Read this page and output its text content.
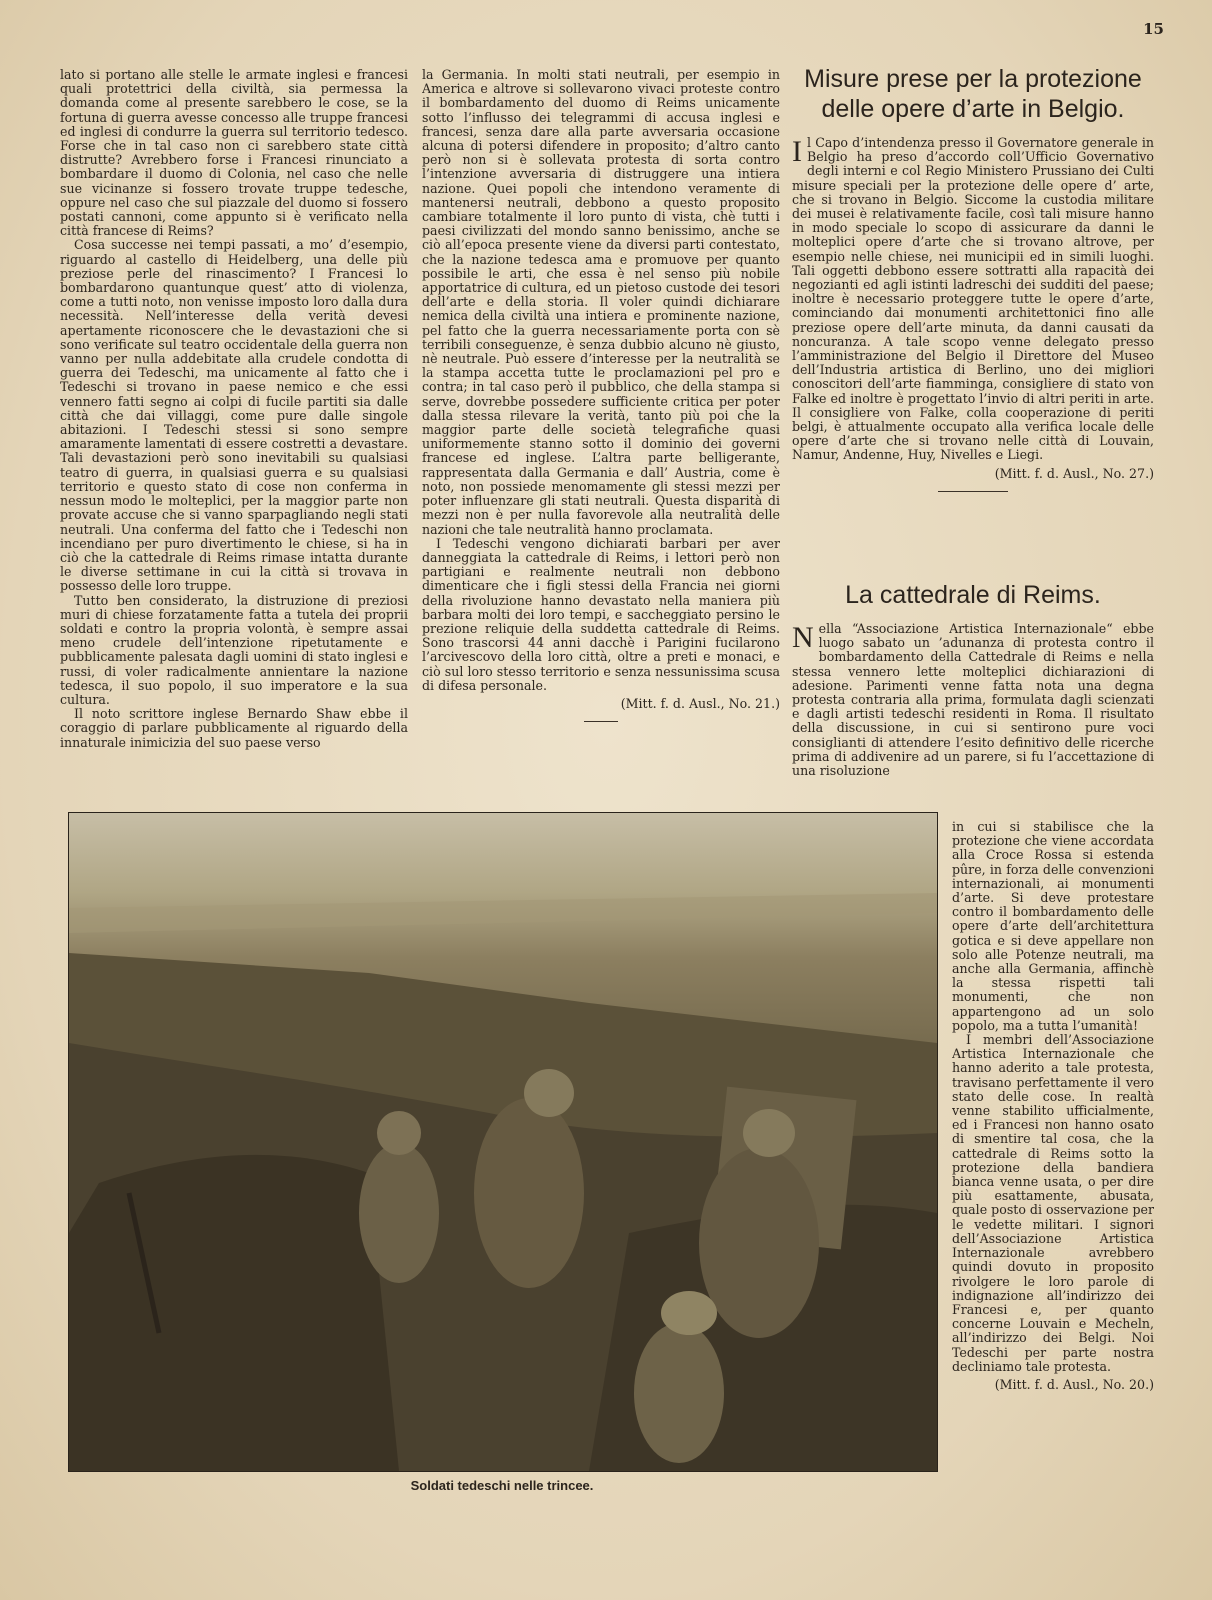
15

lato si portano alle stelle le armate inglesi e francesi quali protettrici della civiltà, sia permessa la domanda come al presente sarebbero le cose, se la fortuna di guerra avesse concesso alle truppe francesi ed inglesi di condurre la guerra sul territorio tedesco. Forse che in tal caso non ci sarebbero state città distrutte? Avrebbero forse i Francesi rinunciato a bombardare il duomo di Colonia, nel caso che nelle sue vicinanze si fossero trovate truppe tedesche, oppure nel caso che sul piazzale del duomo si fossero postati cannoni, come appunto si è verificato nella città francese di Reims?

Cosa successe nei tempi passati, a mo’ d’esempio, riguardo al castello di Heidelberg, una delle più preziose perle del rinascimento? I Francesi lo bombardarono quantunque quest’ atto di violenza, come a tutti noto, non venisse imposto loro dalla dura necessità. Nell’interesse della verità devesi apertamente riconoscere che le devastazioni che si sono verificate sul teatro occidentale della guerra non vanno per nulla addebitate alla crudele condotta di guerra dei Tedeschi, ma unicamente al fatto che i Tedeschi si trovano in paese nemico e che essi vennero fatti segno ai colpi di fucile partiti sia dalle città che dai villaggi, come pure dalle singole abitazioni. I Tedeschi stessi si sono sempre amaramente lamentati di essere costretti a devastare. Tali devastazioni però sono inevitabili su qualsiasi teatro di guerra, in qualsiasi guerra e su qualsiasi territorio e questo stato di cose non conferma in nessun modo le molteplici, per la maggior parte non provate accuse che si vanno sparpagliando negli stati neutrali. Una conferma del fatto che i Tedeschi non incendiano per puro divertimento le chiese, si ha in ciò che la cattedrale di Reims rimase intatta durante le diverse settimane in cui la città si trovava in possesso delle loro truppe.

Tutto ben considerato, la distruzione di preziosi muri di chiese forzatamente fatta a tutela dei proprii soldati e contro la propria volontà, è sempre assai meno crudele dell’intenzione ripetutamente e pubblicamente palesata dagli uomini di stato inglesi e russi, di voler radicalmente annientare la nazione tedesca, il suo popolo, il suo imperatore e la sua cultura.

Il noto scrittore inglese Bernardo Shaw ebbe il coraggio di parlare pubblicamente al riguardo della innaturale inimicizia del suo paese verso

la Germania. In molti stati neutrali, per esempio in America e altrove si sollevarono vivaci proteste contro il bombardamento del duomo di Reims unicamente sotto l’influsso dei telegrammi di accusa inglesi e francesi, senza dare alla parte avversaria occasione alcuna di potersi difendere in proposito; d’altro canto però non si è sollevata protesta di sorta contro l’intenzione avversaria di distruggere una intiera nazione. Quei popoli che intendono veramente di mantenersi neutrali, debbono a questo proposito cambiare totalmente il loro punto di vista, chè tutti i paesi civilizzati del mondo sanno benissimo, anche se ciò all’epoca presente viene da diversi parti contestato, che la nazione tedesca ama e promuove per quanto possibile le arti, che essa è nel senso più nobile apportatrice di cultura, ed un pietoso custode dei tesori dell’arte e della storia. Il voler quindi dichiarare nemica della civiltà una intiera e prominente nazione, pel fatto che la guerra necessariamente porta con sè terribili conseguenze, è senza dubbio alcuno nè giusto, nè neutrale. Può essere d’interesse per la neutralità se la stampa accetta tutte le proclamazioni pel pro e contra; in tal caso però il pubblico, che della stampa si serve, dovrebbe possedere sufficiente critica per poter dalla stessa rilevare la verità, tanto più poi che la maggior parte delle società telegrafiche quasi uniformemente stanno sotto il dominio dei governi francese ed inglese. L’altra parte belligerante, rappresentata dalla Germania e dall’ Austria, come è noto, non possiede menomamente gli stessi mezzi per poter influenzare gli stati neutrali. Questa disparità di mezzi non è per nulla favorevole alla neutralità delle nazioni che tale neutralità hanno proclamata.

I Tedeschi vengono dichiarati barbari per aver danneggiata la cattedrale di Reims, i lettori però non partigiani e realmente neutrali non debbono dimenticare che i figli stessi della Francia nei giorni della rivoluzione hanno devastato nella maniera più barbara molti dei loro tempi, e saccheggiato persino le prezione reliquie della suddetta cattedrale di Reims. Sono trascorsi 44 anni dacchè i Parigini fucilarono l’arcivescovo della loro città, oltre a preti e monaci, e ciò sul loro stesso territorio e senza nessunissima scusa di difesa personale.

(Mitt. f. d. Ausl., No. 21.)

Misure prese per la protezione delle opere d’arte in Belgio.

Il Capo d’intendenza presso il Governatore generale in Belgio ha preso d’accordo coll’Ufficio Governativo degli interni e col Regio Ministero Prussiano dei Culti misure speciali per la protezione delle opere d’ arte, che si trovano in Belgio. Siccome la custodia militare dei musei è relativamente facile, così tali misure hanno in modo speciale lo scopo di assicurare da danni le molteplici opere d’arte che si trovano altrove, per esempio nelle chiese, nei municipii ed in simili luoghi. Tali oggetti debbono essere sottratti alla rapacità dei negozianti ed agli istinti ladreschi dei sudditi del paese; inoltre è necessario proteggere tutte le opere d’arte, cominciando dai monumenti architettonici fino alle preziose opere dell’arte minuta, da danni causati da noncuranza. A tale scopo venne delegato presso l’amministrazione del Belgio il Direttore del Museo dell’Industria artistica di Berlino, uno dei migliori conoscitori dell’arte fiamminga, consigliere di stato von Falke ed inoltre è progettato l’invio di altri periti in arte. Il consigliere von Falke, colla cooperazione di periti belgi, è attualmente occupato alla verifica locale delle opere d’arte che si trovano nelle città di Louvain, Namur, Andenne, Huy, Nivelles e Liegi.

(Mitt. f. d. Ausl., No. 27.)

La cattedrale di Reims.

Nella “Associazione Artistica Internazionale“ ebbe luogo sabato un ’adunanza di protesta contro il bombardamento della Cattedrale di Reims e nella stessa vennero lette molteplici dichiarazioni di adesione. Parimenti venne fatta nota una degna protesta contraria alla prima, formulata dagli scienzati e dagli artisti tedeschi residenti in Roma. Il risultato della discussione, in cui si sentirono pure voci consiglianti di attendere l’esito definitivo delle ricerche prima di addivenire ad un parere, si fu l’accettazione di una risoluzione

in cui si stabilisce che la protezione che viene accordata alla Croce Rossa si estenda pûre, in forza delle convenzioni internazionali, ai monumenti d’arte. Si deve protestare contro il bombardamento delle opere d’arte dell’architettura gotica e si deve appellare non solo alle Potenze neutrali, ma anche alla Germania, affinchè la stessa rispetti tali monumenti, che non appartengono ad un solo popolo, ma a tutta l’umanità!

I membri dell’Associazione Artistica Internazionale che hanno aderito a tale protesta, travisano perfettamente il vero stato delle cose. In realtà venne stabilito ufficialmente, ed i Francesi non hanno osato di smentire tal cosa, che la cattedrale di Reims sotto la protezione della bandiera bianca venne usata, o per dire più esattamente, abusata, quale posto di osservazione per le vedette militari. I signori dell’Associazione Artistica Internazionale avrebbero quindi dovuto in proposito rivolgere le loro parole di indignazione all’indirizzo dei Francesi e, per quanto concerne Louvain e Mecheln, all’indirizzo dei Belgi. Noi Tedeschi per parte nostra decliniamo tale protesta.

(Mitt. f. d. Ausl., No. 20.)

Soldati tedeschi nelle trincee.
